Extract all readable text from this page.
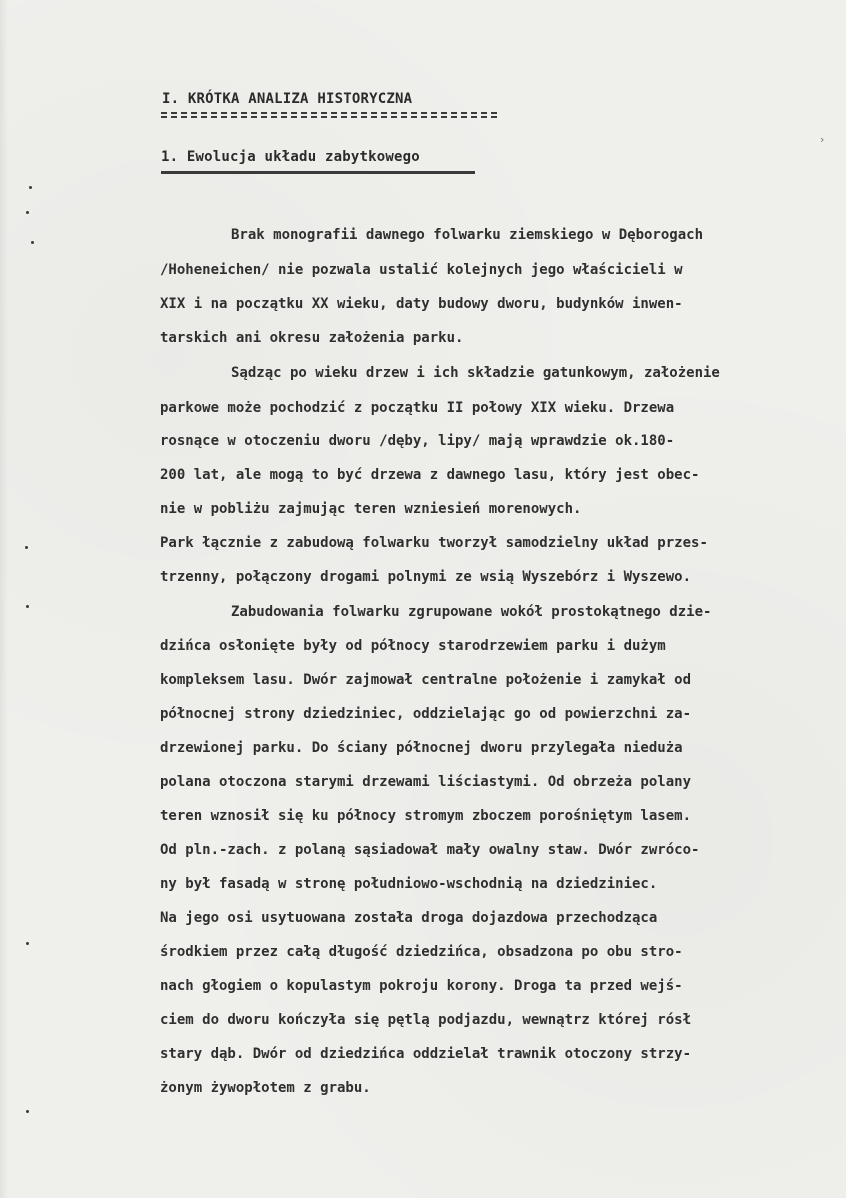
I. KRÓTKA ANALIZA HISTORYCZNA
1. Ewolucja układu zabytkowego
Brak monografii dawnego folwarku ziemskiego w Dęborogach
/Hoheneichen/ nie pozwala ustalić kolejnych jego właścicieli w
XIX i na początku XX wieku, daty budowy dworu, budynków inwen-
tarskich ani okresu założenia parku.
Sądząc po wieku drzew i ich składzie gatunkowym, założenie
parkowe może pochodzić z początku II połowy XIX wieku. Drzewa
rosnące w otoczeniu dworu /dęby, lipy/ mają wprawdzie ok.180-
200 lat, ale mogą to być drzewa z dawnego lasu, który jest obec-
nie w pobliżu zajmując teren wzniesień morenowych.
Park łącznie z zabudową folwarku tworzył samodzielny układ przes-
trzenny, połączony drogami polnymi ze wsią Wyszebórz i Wyszewo.
Zabudowania folwarku zgrupowane wokół prostokątnego dzie-
dzińca osłonięte były od północy starodrzewiem parku i dużym
kompleksem lasu. Dwór zajmował centralne położenie i zamykał od
północnej strony dziedziniec, oddzielając go od powierzchni za-
drzewionej parku. Do ściany północnej dworu przylegała nieduża
polana otoczona starymi drzewami liściastymi. Od obrzeża polany
teren wznosił się ku północy stromym zboczem porośniętym lasem.
Od pln.-zach. z polaną sąsiadował mały owalny staw. Dwór zwróco-
ny był fasadą w stronę południowo-wschodnią na dziedziniec.
Na jego osi usytuowana została droga dojazdowa przechodząca
środkiem przez całą długość dziedzińca, obsadzona po obu stro-
nach głogiem o kopulastym pokroju korony. Droga ta przed wejś-
ciem do dworu kończyła się pętlą podjazdu, wewnątrz której rósł
stary dąb. Dwór od dziedzińca oddzielał trawnik otoczony strzy-
żonym żywopłotem z grabu.
›
